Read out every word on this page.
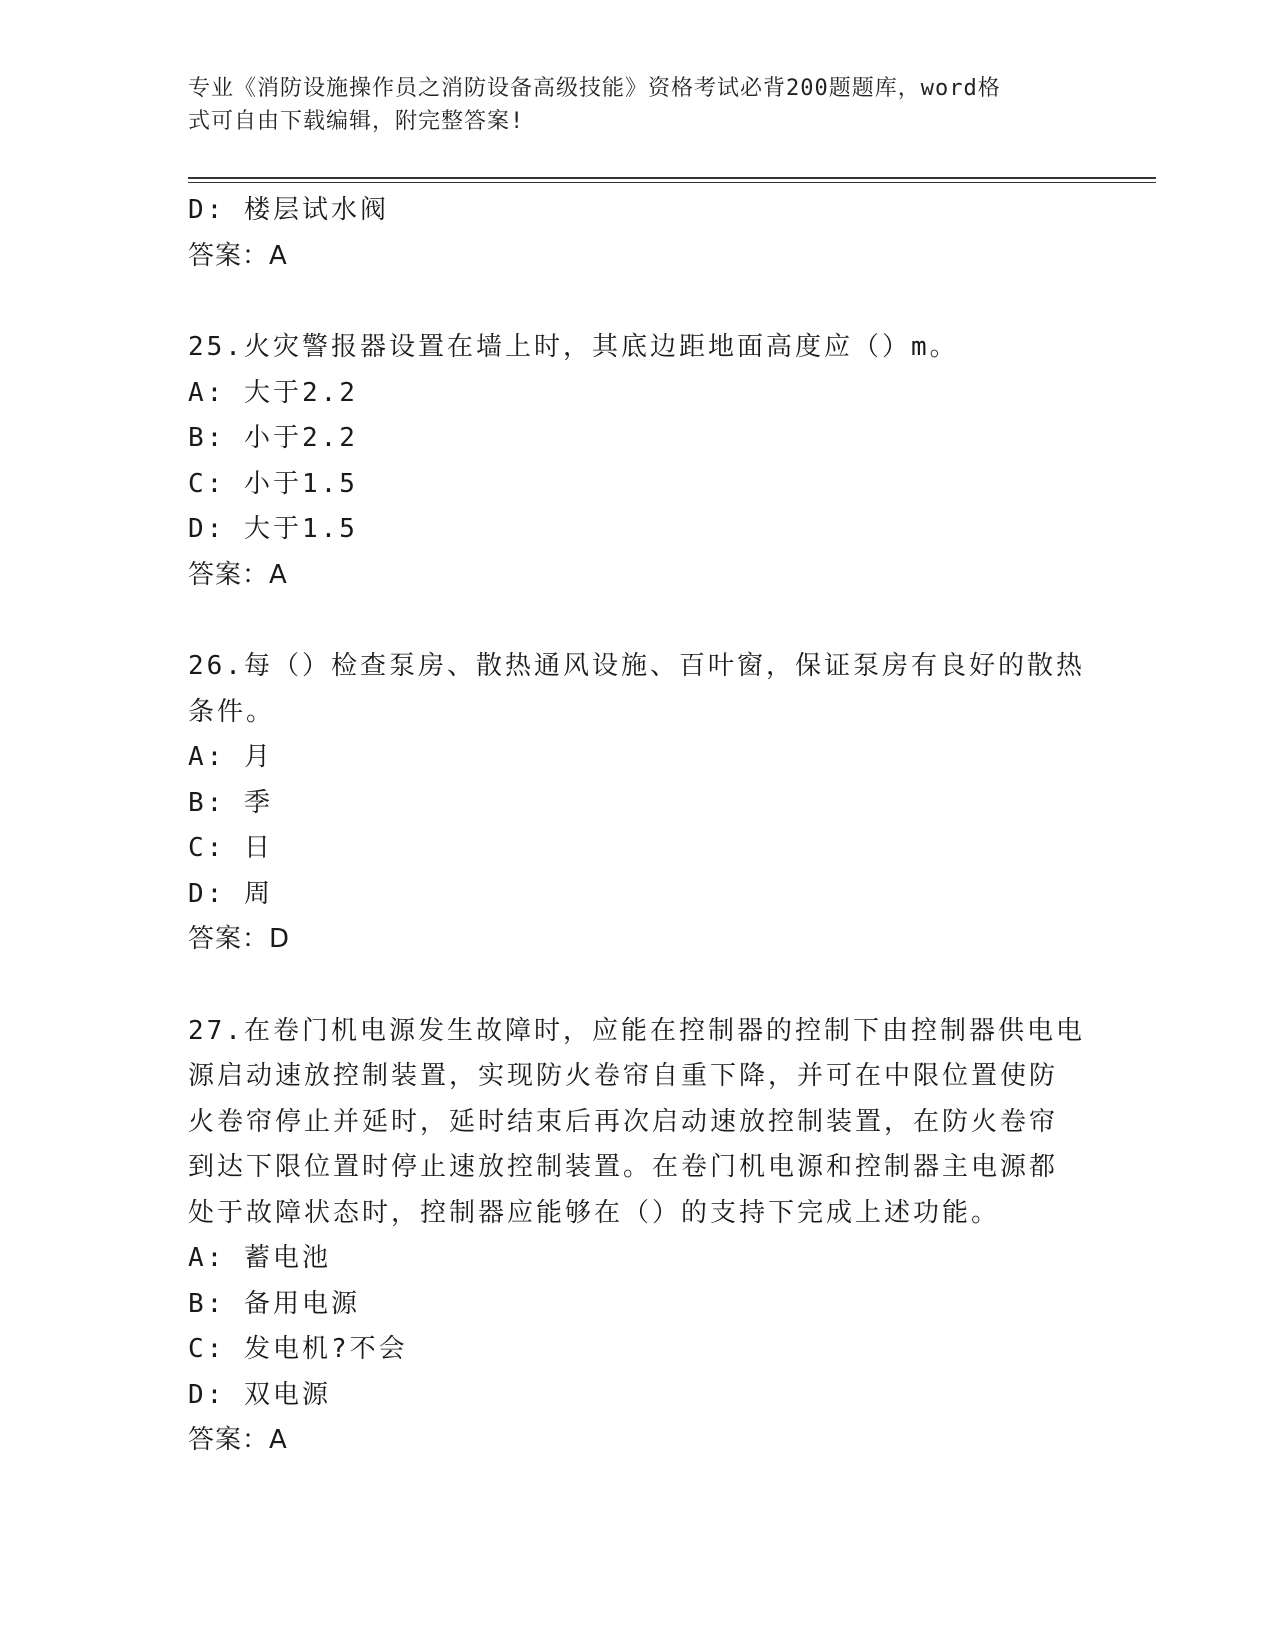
专业《消防设施操作员之消防设备高级技能》资格考试必背200题题库，word格
式可自由下载编辑，附完整答案!
D: 楼层试水阀
答案：A
25.火灾警报器设置在墙上时，其底边距地面高度应（）m。
A: 大于2.2
B: 小于2.2
C: 小于1.5
D: 大于1.5
答案：A
26.每（）检查泵房、散热通风设施、百叶窗，保证泵房有良好的散热
条件。
A: 月
B: 季
C: 日
D: 周
答案：D
27.在卷门机电源发生故障时，应能在控制器的控制下由控制器供电电
源启动速放控制装置，实现防火卷帘自重下降，并可在中限位置使防
火卷帘停止并延时，延时结束后再次启动速放控制装置，在防火卷帘
到达下限位置时停止速放控制装置。在卷门机电源和控制器主电源都
处于故障状态时，控制器应能够在（）的支持下完成上述功能。
A: 蓄电池
B: 备用电源
C: 发电机?不会
D: 双电源
答案：A
